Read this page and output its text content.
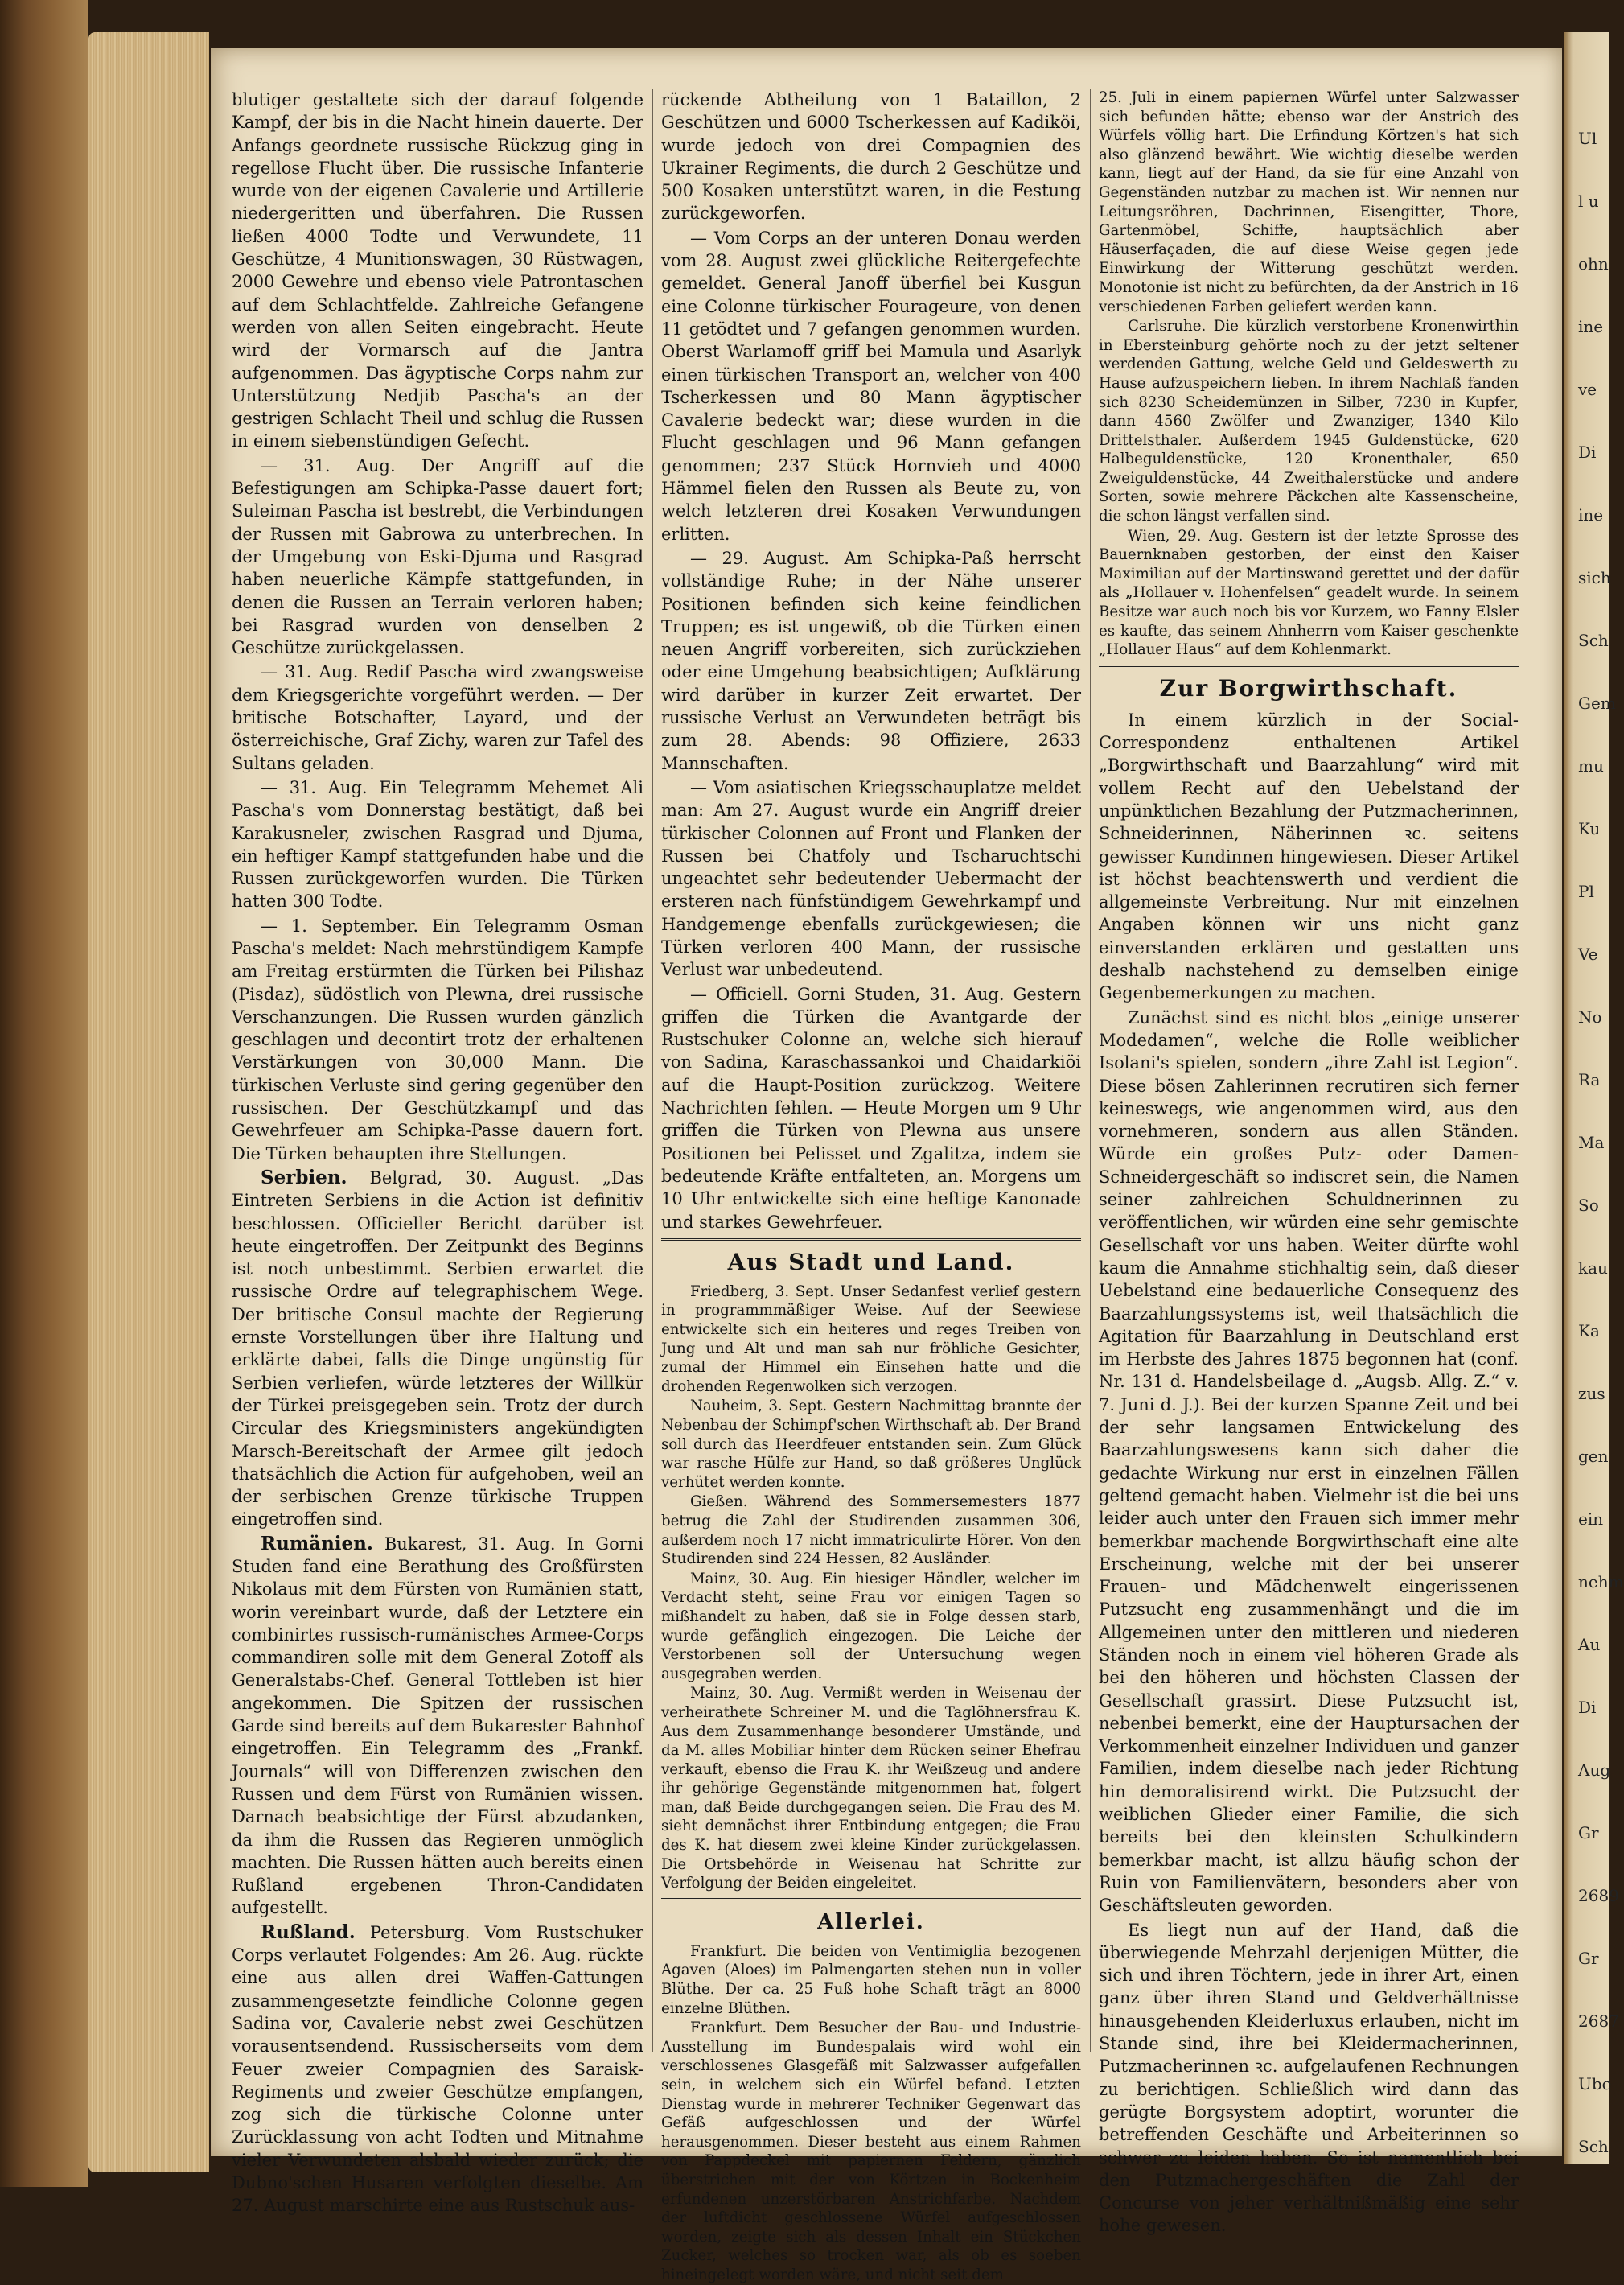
Ul
l u
ohn
ine
ve
Di
ine
sich
Sch
Gem
mu
Ku
Pl
Ve
No
Ra
Ma
So
kau
Ka
zus
gen
ein
nehm
Au
Di
Aug
Gr
2689
Gr
2687
Ube
Sch

blutiger gestaltete sich der darauf folgende Kampf, der bis in die Nacht hinein dauerte. Der Anfangs geordnete russische Rückzug ging in regellose Flucht über. Die russische Infanterie wurde von der eigenen Cavalerie und Artillerie niedergeritten und überfahren. Die Russen ließen 4000 Todte und Verwundete, 11 Geschütze, 4 Munitionswagen, 30 Rüstwagen, 2000 Gewehre und ebenso viele Patrontaschen auf dem Schlachtfelde. Zahlreiche Gefangene werden von allen Seiten eingebracht. Heute wird der Vormarsch auf die Jantra aufgenommen. Das ägyptische Corps nahm zur Unterstützung Nedjib Pascha's an der gestrigen Schlacht Theil und schlug die Russen in einem siebenstündigen Gefecht.

— 31. Aug. Der Angriff auf die Befestigungen am Schipka-Passe dauert fort; Suleiman Pascha ist bestrebt, die Verbindungen der Russen mit Gabrowa zu unterbrechen. In der Umgebung von Eski-Djuma und Rasgrad haben neuerliche Kämpfe stattgefunden, in denen die Russen an Terrain verloren haben; bei Rasgrad wurden von denselben 2 Geschütze zurückgelassen.

— 31. Aug. Redif Pascha wird zwangsweise dem Kriegsgerichte vorgeführt werden. — Der britische Botschafter, Layard, und der österreichische, Graf Zichy, waren zur Tafel des Sultans geladen.

— 31. Aug. Ein Telegramm Mehemet Ali Pascha's vom Donnerstag bestätigt, daß bei Karakusneler, zwischen Rasgrad und Djuma, ein heftiger Kampf stattgefunden habe und die Russen zurückgeworfen wurden. Die Türken hatten 300 Todte.

— 1. September. Ein Telegramm Osman Pascha's meldet: Nach mehrstündigem Kampfe am Freitag erstürmten die Türken bei Pilishaz (Pisdaz), südöstlich von Plewna, drei russische Verschanzungen. Die Russen wurden gänzlich geschlagen und decontirt trotz der erhaltenen Verstärkungen von 30,000 Mann. Die türkischen Verluste sind gering gegenüber den russischen. Der Geschützkampf und das Gewehrfeuer am Schipka-Passe dauern fort. Die Türken behaupten ihre Stellungen.

Serbien. Belgrad, 30. August. „Das Eintreten Serbiens in die Action ist definitiv beschlossen. Officieller Bericht darüber ist heute eingetroffen. Der Zeitpunkt des Beginns ist noch unbestimmt. Serbien erwartet die russische Ordre auf telegraphischem Wege. Der britische Consul machte der Regierung ernste Vorstellungen über ihre Haltung und erklärte dabei, falls die Dinge ungünstig für Serbien verliefen, würde letzteres der Willkür der Türkei preisgegeben sein. Trotz der durch Circular des Kriegsministers angekündigten Marsch-Bereitschaft der Armee gilt jedoch thatsächlich die Action für aufgehoben, weil an der serbischen Grenze türkische Truppen eingetroffen sind.

Rumänien. Bukarest, 31. Aug. In Gorni Studen fand eine Berathung des Großfürsten Nikolaus mit dem Fürsten von Rumänien statt, worin vereinbart wurde, daß der Letztere ein combinirtes russisch-rumänisches Armee-Corps commandiren solle mit dem General Zotoff als Generalstabs-Chef. General Tottleben ist hier angekommen. Die Spitzen der russischen Garde sind bereits auf dem Bukarester Bahnhof eingetroffen. Ein Telegramm des „Frankf. Journals“ will von Differenzen zwischen den Russen und dem Fürst von Rumänien wissen. Darnach beabsichtige der Fürst abzudanken, da ihm die Russen das Regieren unmöglich machten. Die Russen hätten auch bereits einen Rußland ergebenen Thron-Candidaten aufgestellt.

Rußland. Petersburg. Vom Rustschuker Corps verlautet Folgendes: Am 26. Aug. rückte eine aus allen drei Waffen-Gattungen zusammengesetzte feindliche Colonne gegen Sadina vor, Cavalerie nebst zwei Geschützen vorausentsendend. Russischerseits vom dem Feuer zweier Compagnien des Saraisk-Regiments und zweier Geschütze empfangen, zog sich die türkische Colonne unter Zurücklassung von acht Todten und Mitnahme vieler Verwundeten alsbald wieder zurück; die Dubno'schen Husaren verfolgten dieselbe. Am 27. August marschirte eine aus Rustschuk aus-

rückende Abtheilung von 1 Bataillon, 2 Geschützen und 6000 Tscherkessen auf Kadiköi, wurde jedoch von drei Compagnien des Ukrainer Regiments, die durch 2 Geschütze und 500 Kosaken unterstützt waren, in die Festung zurückgeworfen.

— Vom Corps an der unteren Donau werden vom 28. August zwei glückliche Reitergefechte gemeldet. General Janoff überfiel bei Kusgun eine Colonne türkischer Fourageure, von denen 11 getödtet und 7 gefangen genommen wurden. Oberst Warlamoff griff bei Mamula und Asarlyk einen türkischen Transport an, welcher von 400 Tscherkessen und 80 Mann ägyptischer Cavalerie bedeckt war; diese wurden in die Flucht geschlagen und 96 Mann gefangen genommen; 237 Stück Hornvieh und 4000 Hämmel fielen den Russen als Beute zu, von welch letzteren drei Kosaken Verwundungen erlitten.

— 29. August. Am Schipka-Paß herrscht vollständige Ruhe; in der Nähe unserer Positionen befinden sich keine feindlichen Truppen; es ist ungewiß, ob die Türken einen neuen Angriff vorbereiten, sich zurückziehen oder eine Umgehung beabsichtigen; Aufklärung wird darüber in kurzer Zeit erwartet. Der russische Verlust an Verwundeten beträgt bis zum 28. Abends: 98 Offiziere, 2633 Mannschaften.

— Vom asiatischen Kriegsschauplatze meldet man: Am 27. August wurde ein Angriff dreier türkischer Colonnen auf Front und Flanken der Russen bei Chatfoly und Tscharuchtschi ungeachtet sehr bedeutender Uebermacht der ersteren nach fünfstündigem Gewehrkampf und Handgemenge ebenfalls zurückgewiesen; die Türken verloren 400 Mann, der russische Verlust war unbedeutend.

— Officiell. Gorni Studen, 31. Aug. Gestern griffen die Türken die Avantgarde der Rustschuker Colonne an, welche sich hierauf von Sadina, Karaschassankoi und Chaidarkiöi auf die Haupt-Position zurückzog. Weitere Nachrichten fehlen. — Heute Morgen um 9 Uhr griffen die Türken von Plewna aus unsere Positionen bei Pelisset und Zgalitza, indem sie bedeutende Kräfte entfalteten, an. Morgens um 10 Uhr entwickelte sich eine heftige Kanonade und starkes Gewehrfeuer.

Aus Stadt und Land.

Friedberg, 3. Sept. Unser Sedanfest verlief gestern in programmmäßiger Weise. Auf der Seewiese entwickelte sich ein heiteres und reges Treiben von Jung und Alt und man sah nur fröhliche Gesichter, zumal der Himmel ein Einsehen hatte und die drohenden Regenwolken sich verzogen.

Nauheim, 3. Sept. Gestern Nachmittag brannte der Nebenbau der Schimpf'schen Wirthschaft ab. Der Brand soll durch das Heerdfeuer entstanden sein. Zum Glück war rasche Hülfe zur Hand, so daß größeres Unglück verhütet werden konnte.

Gießen. Während des Sommersemesters 1877 betrug die Zahl der Studirenden zusammen 306, außerdem noch 17 nicht immatriculirte Hörer. Von den Studirenden sind 224 Hessen, 82 Ausländer.

Mainz, 30. Aug. Ein hiesiger Händler, welcher im Verdacht steht, seine Frau vor einigen Tagen so mißhandelt zu haben, daß sie in Folge dessen starb, wurde gefänglich eingezogen. Die Leiche der Verstorbenen soll der Untersuchung wegen ausgegraben werden.

Mainz, 30. Aug. Vermißt werden in Weisenau der verheirathete Schreiner M. und die Taglöhnersfrau K. Aus dem Zusammenhange besonderer Umstände, und da M. alles Mobiliar hinter dem Rücken seiner Ehefrau verkauft, ebenso die Frau K. ihr Weißzeug und andere ihr gehörige Gegenstände mitgenommen hat, folgert man, daß Beide durchgegangen seien. Die Frau des M. sieht demnächst ihrer Entbindung entgegen; die Frau des K. hat diesem zwei kleine Kinder zurückgelassen. Die Ortsbehörde in Weisenau hat Schritte zur Verfolgung der Beiden eingeleitet.

Allerlei.

Frankfurt. Die beiden von Ventimiglia bezogenen Agaven (Aloes) im Palmengarten stehen nun in voller Blüthe. Der ca. 25 Fuß hohe Schaft trägt an 8000 einzelne Blüthen.

Frankfurt. Dem Besucher der Bau- und Industrie-Ausstellung im Bundespalais wird wohl ein verschlossenes Glasgefäß mit Salzwasser aufgefallen sein, in welchem sich ein Würfel befand. Letzten Dienstag wurde in mehrerer Techniker Gegenwart das Gefäß aufgeschlossen und der Würfel herausgenommen. Dieser besteht aus einem Rahmen von Pappdeckel mit papiernen Feldern, gänzlich überstrichen mit der von Körtzen in Bockenheim erfundenen unzerstörbaren Anstrichfarbe. Nachdem der luftdicht geschlossene Würfel aufgeschlossen worden, zeigte sich als dessen Inhalt ein Stückchen Zucker, welches so trocken war, als ob es soeben hineingelegt worden wäre, und nicht seit dem

25. Juli in einem papiernen Würfel unter Salzwasser sich befunden hätte; ebenso war der Anstrich des Würfels völlig hart. Die Erfindung Körtzen's hat sich also glänzend bewährt. Wie wichtig dieselbe werden kann, liegt auf der Hand, da sie für eine Anzahl von Gegenständen nutzbar zu machen ist. Wir nennen nur Leitungsröhren, Dachrinnen, Eisengitter, Thore, Gartenmöbel, Schiffe, hauptsächlich aber Häuserfaçaden, die auf diese Weise gegen jede Einwirkung der Witterung geschützt werden. Monotonie ist nicht zu befürchten, da der Anstrich in 16 verschiedenen Farben geliefert werden kann.

Carlsruhe. Die kürzlich verstorbene Kronenwirthin in Ebersteinburg gehörte noch zu der jetzt seltener werdenden Gattung, welche Geld und Geldeswerth zu Hause aufzuspeichern lieben. In ihrem Nachlaß fanden sich 8230 Scheidemünzen in Silber, 7230 in Kupfer, dann 4560 Zwölfer und Zwanziger, 1340 Kilo Drittelsthaler. Außerdem 1945 Guldenstücke, 620 Halbeguldenstücke, 120 Kronenthaler, 650 Zweiguldenstücke, 44 Zweithalerstücke und andere Sorten, sowie mehrere Päckchen alte Kassenscheine, die schon längst verfallen sind.

Wien, 29. Aug. Gestern ist der letzte Sprosse des Bauernknaben gestorben, der einst den Kaiser Maximilian auf der Martinswand gerettet und der dafür als „Hollauer v. Hohenfelsen“ geadelt wurde. In seinem Besitze war auch noch bis vor Kurzem, wo Fanny Elsler es kaufte, das seinem Ahnherrn vom Kaiser geschenkte „Hollauer Haus“ auf dem Kohlenmarkt.

Zur Borgwirthschaft.

In einem kürzlich in der Social-Correspondenz enthaltenen Artikel „Borgwirthschaft und Baarzahlung“ wird mit vollem Recht auf den Uebelstand der unpünktlichen Bezahlung der Putzmacherinnen, Schneiderinnen, Näherinnen ꝛc. seitens gewisser Kundinnen hingewiesen. Dieser Artikel ist höchst beachtenswerth und verdient die allgemeinste Verbreitung. Nur mit einzelnen Angaben können wir uns nicht ganz einverstanden erklären und gestatten uns deshalb nachstehend zu demselben einige Gegenbemerkungen zu machen.

Zunächst sind es nicht blos „einige unserer Modedamen“, welche die Rolle weiblicher Isolani's spielen, sondern „ihre Zahl ist Legion“. Diese bösen Zahlerinnen recrutiren sich ferner keineswegs, wie angenommen wird, aus den vornehmeren, sondern aus allen Ständen. Würde ein großes Putz- oder Damen-Schneidergeschäft so indiscret sein, die Namen seiner zahlreichen Schuldnerinnen zu veröffentlichen, wir würden eine sehr gemischte Gesellschaft vor uns haben. Weiter dürfte wohl kaum die Annahme stichhaltig sein, daß dieser Uebelstand eine bedauerliche Consequenz des Baarzahlungssystems ist, weil thatsächlich die Agitation für Baarzahlung in Deutschland erst im Herbste des Jahres 1875 begonnen hat (conf. Nr. 131 d. Handelsbeilage d. „Augsb. Allg. Z.“ v. 7. Juni d. J.). Bei der kurzen Spanne Zeit und bei der sehr langsamen Entwickelung des Baarzahlungswesens kann sich daher die gedachte Wirkung nur erst in einzelnen Fällen geltend gemacht haben. Vielmehr ist die bei uns leider auch unter den Frauen sich immer mehr bemerkbar machende Borgwirthschaft eine alte Erscheinung, welche mit der bei unserer Frauen- und Mädchenwelt eingerissenen Putzsucht eng zusammenhängt und die im Allgemeinen unter den mittleren und niederen Ständen noch in einem viel höheren Grade als bei den höheren und höchsten Classen der Gesellschaft grassirt. Diese Putzsucht ist, nebenbei bemerkt, eine der Hauptursachen der Verkommenheit einzelner Individuen und ganzer Familien, indem dieselbe nach jeder Richtung hin demoralisirend wirkt. Die Putzsucht der weiblichen Glieder einer Familie, die sich bereits bei den kleinsten Schulkindern bemerkbar macht, ist allzu häufig schon der Ruin von Familienvätern, besonders aber von Geschäftsleuten geworden.

Es liegt nun auf der Hand, daß die überwiegende Mehrzahl derjenigen Mütter, die sich und ihren Töchtern, jede in ihrer Art, einen ganz über ihren Stand und Geldverhältnisse hinausgehenden Kleiderluxus erlauben, nicht im Stande sind, ihre bei Kleidermacherinnen, Putzmacherinnen ꝛc. aufgelaufenen Rechnungen zu berichtigen. Schließlich wird dann das gerügte Borgsystem adoptirt, worunter die betreffenden Geschäfte und Arbeiterinnen so schwer zu leiden haben. So ist namentlich bei den Putzmachergeschäften die Zahl der Concurse von jeher verhältnißmäßig eine sehr hohe gewesen.
